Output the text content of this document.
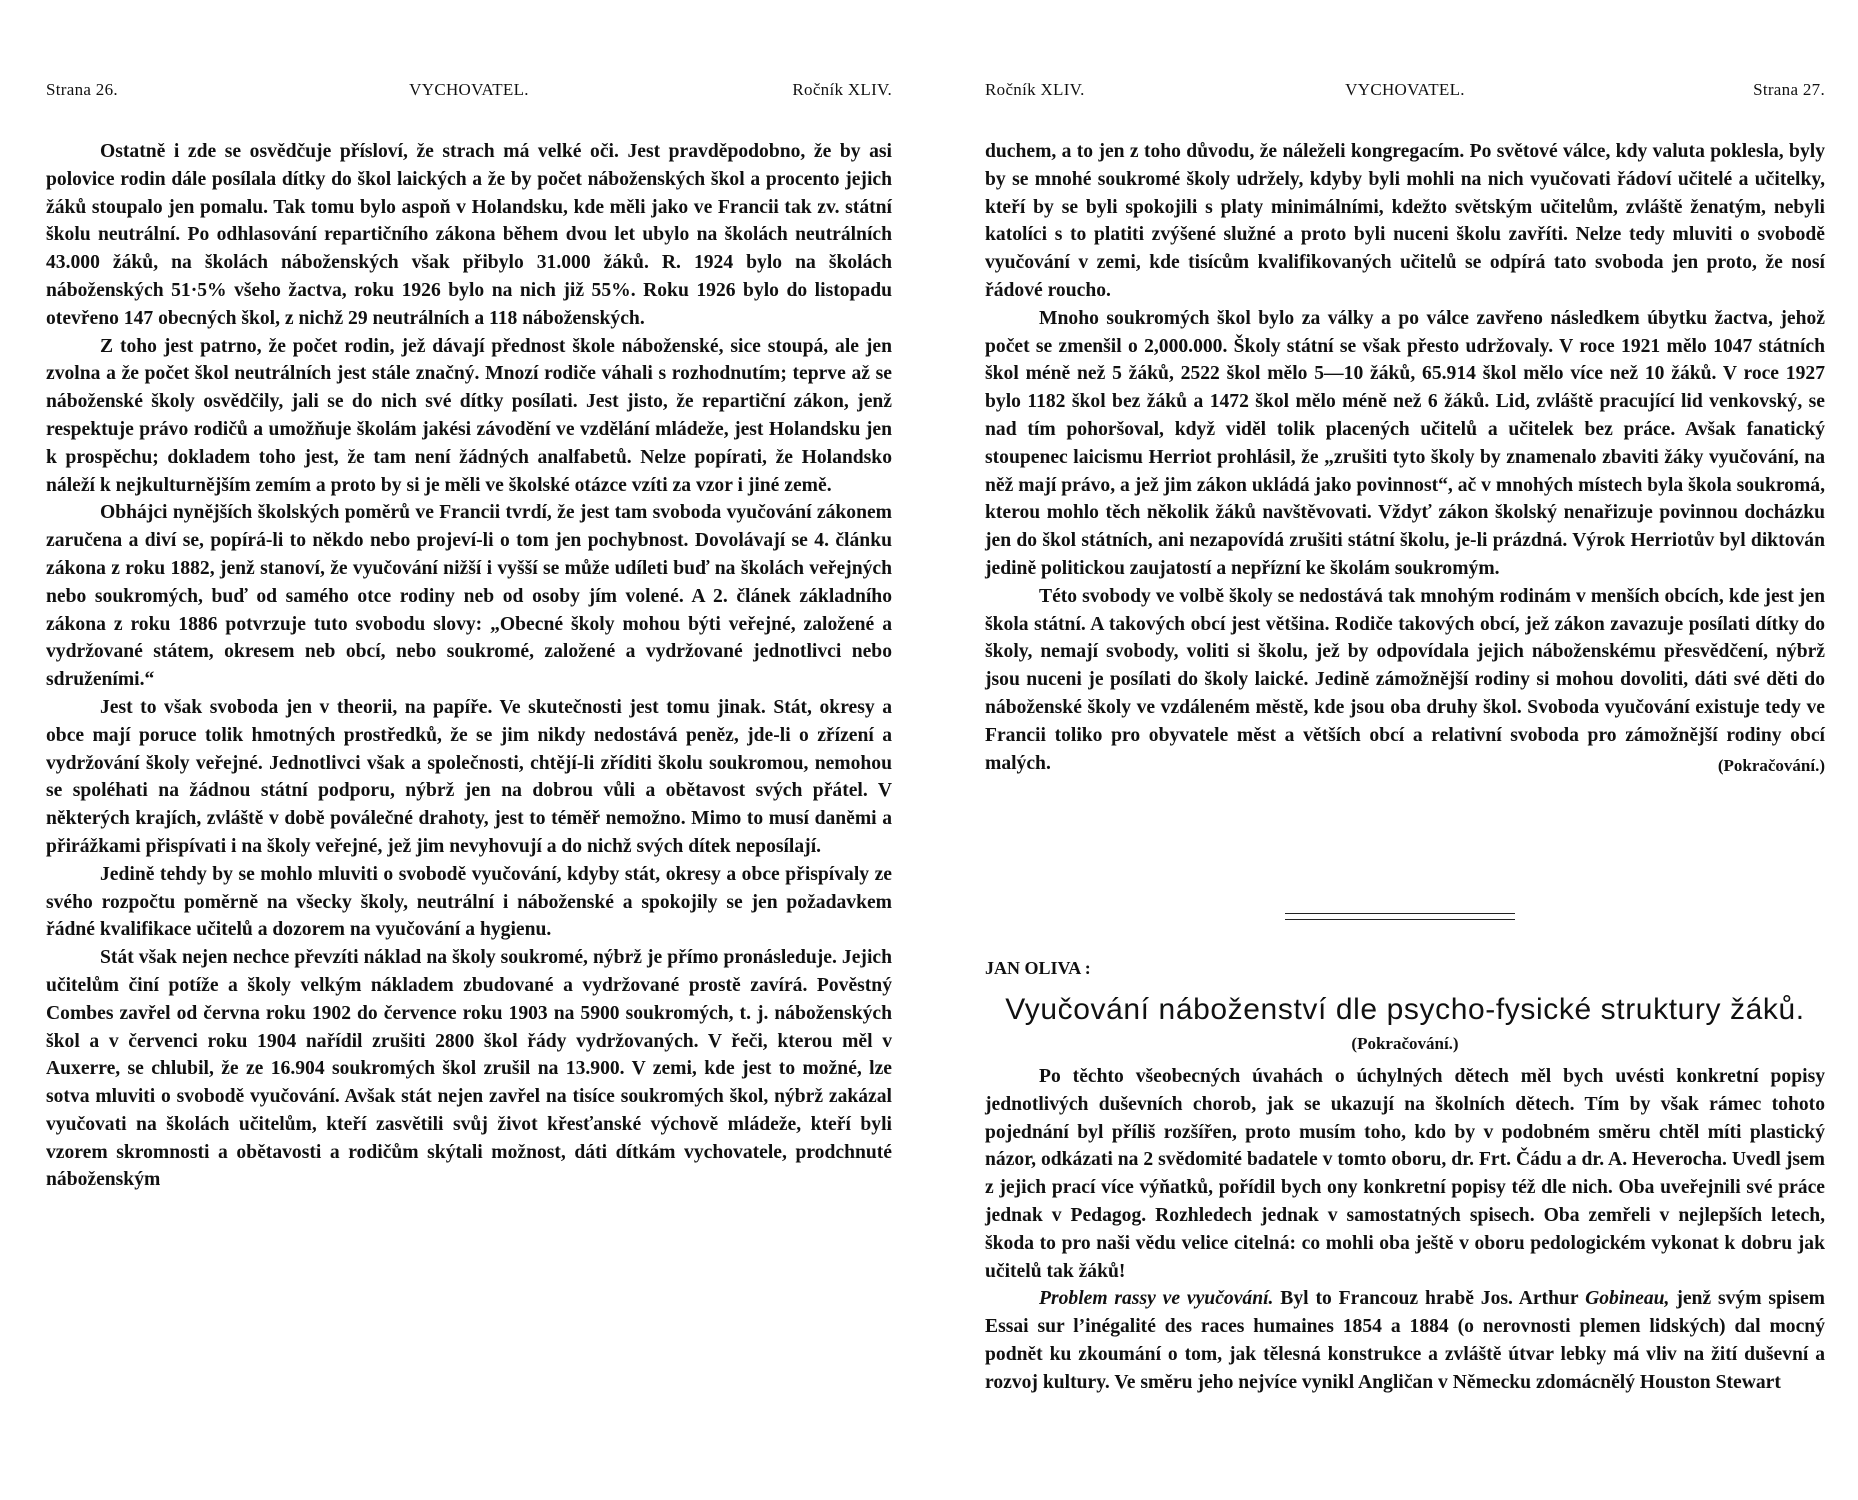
Strana 26.	VYCHOVATEL.	Ročník XLIV.

Ostatně i zde se osvědčuje přísloví, že strach má velké oči. Jest pravděpodobno, že by asi polovice rodin dále posílala dítky do škol laických a že by počet náboženských škol a procento jejich žáků stoupalo jen pomalu. Tak tomu bylo aspoň v Holandsku, kde měli jako ve Francii tak zv. státní školu neutrální. Po odhlasování repartičního zákona během dvou let ubylo na školách neutrálních 43.000 žáků, na školách náboženských však přibylo 31.000 žáků. R. 1924 bylo na školách náboženských 51·5% všeho žactva, roku 1926 bylo na nich již 55%. Roku 1926 bylo do listopadu otevřeno 147 obecných škol, z nichž 29 neutrálních a 118 náboženských.

Z toho jest patrno, že počet rodin, jež dávají přednost škole náboženské, sice stoupá, ale jen zvolna a že počet škol neutrálních jest stále značný. Mnozí rodiče váhali s rozhodnutím; teprve až se náboženské školy osvědčily, jali se do nich své dítky posílati. Jest jisto, že repartiční zákon, jenž respektuje právo rodičů a umožňuje školám jakési závodění ve vzdělání mládeže, jest Holandsku jen k prospěchu; dokladem toho jest, že tam není žádných analfabetů. Nelze popírati, že Holandsko náleží k nejkulturnějším zemím a proto by si je měli ve školské otázce vzíti za vzor i jiné země.

Obhájci nynějších školských poměrů ve Francii tvrdí, že jest tam svoboda vyučování zákonem zaručena a diví se, popírá-li to někdo nebo projeví-li o tom jen pochybnost. Dovolávají se 4. článku zákona z roku 1882, jenž stanoví, že vyučování nižší i vyšší se může udíleti buď na školách veřejných nebo soukromých, buď od samého otce rodiny neb od osoby jím volené. A 2. článek základního zákona z roku 1886 potvrzuje tuto svobodu slovy: „Obecné školy mohou býti veřejné, založené a vydržované státem, okresem neb obcí, nebo soukromé, založené a vydržované jednotlivci nebo sdruženími.“

Jest to však svoboda jen v theorii, na papíře. Ve skutečnosti jest tomu jinak. Stát, okresy a obce mají poruce tolik hmotných prostředků, že se jim nikdy nedostává peněz, jde-li o zřízení a vydržování školy veřejné. Jednotlivci však a společnosti, chtějí-li zříditi školu soukromou, nemohou se spoléhati na žádnou státní podporu, nýbrž jen na dobrou vůli a obětavost svých přátel. V některých krajích, zvláště v době poválečné drahoty, jest to téměř nemožno. Mimo to musí daněmi a přirážkami přispívati i na školy veřejné, jež jim nevyhovují a do nichž svých dítek neposílají.

Jedině tehdy by se mohlo mluviti o svobodě vyučování, kdyby stát, okresy a obce přispívaly ze svého rozpočtu poměrně na všecky školy, neutrální i náboženské a spokojily se jen požadavkem řádné kvalifikace učitelů a dozorem na vyučování a hygienu.

Stát však nejen nechce převzíti náklad na školy soukromé, nýbrž je přímo pronásleduje. Jejich učitelům činí potíže a školy velkým nákladem zbudované a vydržované prostě zavírá. Pověstný Combes zavřel od června roku 1902 do července roku 1903 na 5900 soukromých, t. j. náboženských škol a v červenci roku 1904 nařídil zrušiti 2800 škol řády vydržovaných. V řeči, kterou měl v Auxerre, se chlubil, že ze 16.904 soukromých škol zrušil na 13.900. V zemi, kde jest to možné, lze sotva mluviti o svobodě vyučování. Avšak stát nejen zavřel na tisíce soukromých škol, nýbrž zakázal vyučovati na školách učitelům, kteří zasvětili svůj život křesťanské výchově mládeže, kteří byli vzorem skromnosti a obětavosti a rodičům skýtali možnost, dáti dítkám vychovatele, prodchnuté náboženským

Ročník XLIV.	VYCHOVATEL.	Strana 27.

duchem, a to jen z toho důvodu, že náleželi kongregacím. Po světové válce, kdy valuta poklesla, byly by se mnohé soukromé školy udržely, kdyby byli mohli na nich vyučovati řádoví učitelé a učitelky, kteří by se byli spokojili s platy minimálními, kdežto světským učitelům, zvláště ženatým, nebyli katolíci s to platiti zvýšené služné a proto byli nuceni školu zavříti. Nelze tedy mluviti o svobodě vyučování v zemi, kde tisícům kvalifikovaných učitelů se odpírá tato svoboda jen proto, že nosí řádové roucho.

Mnoho soukromých škol bylo za války a po válce zavřeno následkem úbytku žactva, jehož počet se zmenšil o 2,000.000. Školy státní se však přesto udržovaly. V roce 1921 mělo 1047 státních škol méně než 5 žáků, 2522 škol mělo 5—10 žáků, 65.914 škol mělo více než 10 žáků. V roce 1927 bylo 1182 škol bez žáků a 1472 škol mělo méně než 6 žáků. Lid, zvláště pracující lid venkovský, se nad tím pohoršoval, když viděl tolik placených učitelů a učitelek bez práce. Avšak fanatický stoupenec laicismu Herriot prohlásil, že „zrušiti tyto školy by znamenalo zbaviti žáky vyučování, na něž mají právo, a jež jim zákon ukládá jako povinnost“, ač v mnohých místech byla škola soukromá, kterou mohlo těch několik žáků navštěvovati. Vždyť zákon školský nenařizuje povinnou docházku jen do škol státních, ani nezapovídá zrušiti státní školu, je-li prázdná. Výrok Herriotův byl diktován jedině politickou zaujatostí a nepřízní ke školám soukromým.

Této svobody ve volbě školy se nedostává tak mnohým rodinám v menších obcích, kde jest jen škola státní. A takových obcí jest většina. Rodiče takových obcí, jež zákon zavazuje posílati dítky do školy, nemají svobody, voliti si školu, jež by odpovídala jejich náboženskému přesvědčení, nýbrž jsou nuceni je posílati do školy laické. Jedině zámožnější rodiny si mohou dovoliti, dáti své děti do náboženské školy ve vzdáleném městě, kde jsou oba druhy škol. Svoboda vyučování existuje tedy ve Francii toliko pro obyvatele měst a větších obcí a relativní svoboda pro zámožnější rodiny obcí malých.	(Pokračování.)

JAN OLIVA :
Vyučování náboženství dle psycho-fysické struktury žáků.
(Pokračování.)

Po těchto všeobecných úvahách o úchylných dětech měl bych uvésti konkretní popisy jednotlivých duševních chorob, jak se ukazují na školních dětech. Tím by však rámec tohoto pojednání byl příliš rozšířen, proto musím toho, kdo by v podobném směru chtěl míti plastický názor, odkázati na 2 svědomité badatele v tomto oboru, dr. Frt. Čádu a dr. A. Heverocha. Uvedl jsem z jejich prací více výňatků, pořídil bych ony konkretní popisy též dle nich. Oba uveřejnili své práce jednak v Pedagog. Rozhledech jednak v samostatných spisech. Oba zemřeli v nejlepších letech, škoda to pro naši vědu velice citelná: co mohli oba ještě v oboru pedologickém vykonat k dobru jak učitelů tak žáků!

Problem rassy ve vyučování. Byl to Francouz hrabě Jos. Arthur Gobineau, jenž svým spisem Essai sur l’inégalité des races humaines 1854 a 1884 (o nerovnosti plemen lidských) dal mocný podnět ku zkoumání o tom, jak tělesná konstrukce a zvláště útvar lebky má vliv na žití duševní a rozvoj kultury. Ve směru jeho nejvíce vynikl Angličan v Německu zdomácnělý Houston Stewart
